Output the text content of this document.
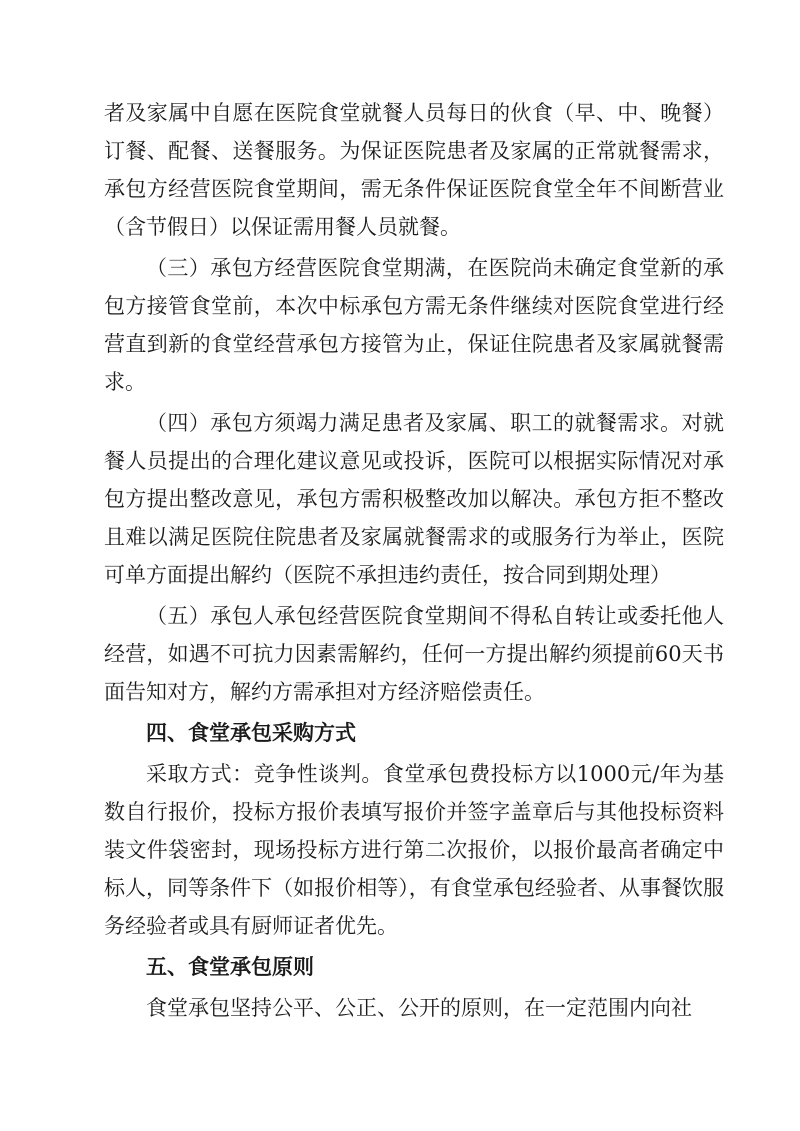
者及家属中自愿在医院食堂就餐人员每日的伙食（早、中、晚餐）订餐、配餐、送餐服务。为保证医院患者及家属的正常就餐需求，承包方经营医院食堂期间，需无条件保证医院食堂全年不间断营业（含节假日）以保证需用餐人员就餐。

（三）承包方经营医院食堂期满，在医院尚未确定食堂新的承包方接管食堂前，本次中标承包方需无条件继续对医院食堂进行经营直到新的食堂经营承包方接管为止，保证住院患者及家属就餐需求。

（四）承包方须竭力满足患者及家属、职工的就餐需求。对就餐人员提出的合理化建议意见或投诉，医院可以根据实际情况对承包方提出整改意见，承包方需积极整改加以解决。承包方拒不整改且难以满足医院住院患者及家属就餐需求的或服务行为举止，医院可单方面提出解约（医院不承担违约责任，按合同到期处理）

（五）承包人承包经营医院食堂期间不得私自转让或委托他人经营，如遇不可抗力因素需解约，任何一方提出解约须提前60天书面告知对方，解约方需承担对方经济赔偿责任。

四、食堂承包采购方式

采取方式：竞争性谈判。食堂承包费投标方以1000元/年为基数自行报价，投标方报价表填写报价并签字盖章后与其他投标资料装文件袋密封，现场投标方进行第二次报价，以报价最高者确定中标人，同等条件下（如报价相等），有食堂承包经验者、从事餐饮服务经验者或具有厨师证者优先。

五、食堂承包原则

食堂承包坚持公平、公正、公开的原则，在一定范围内向社
